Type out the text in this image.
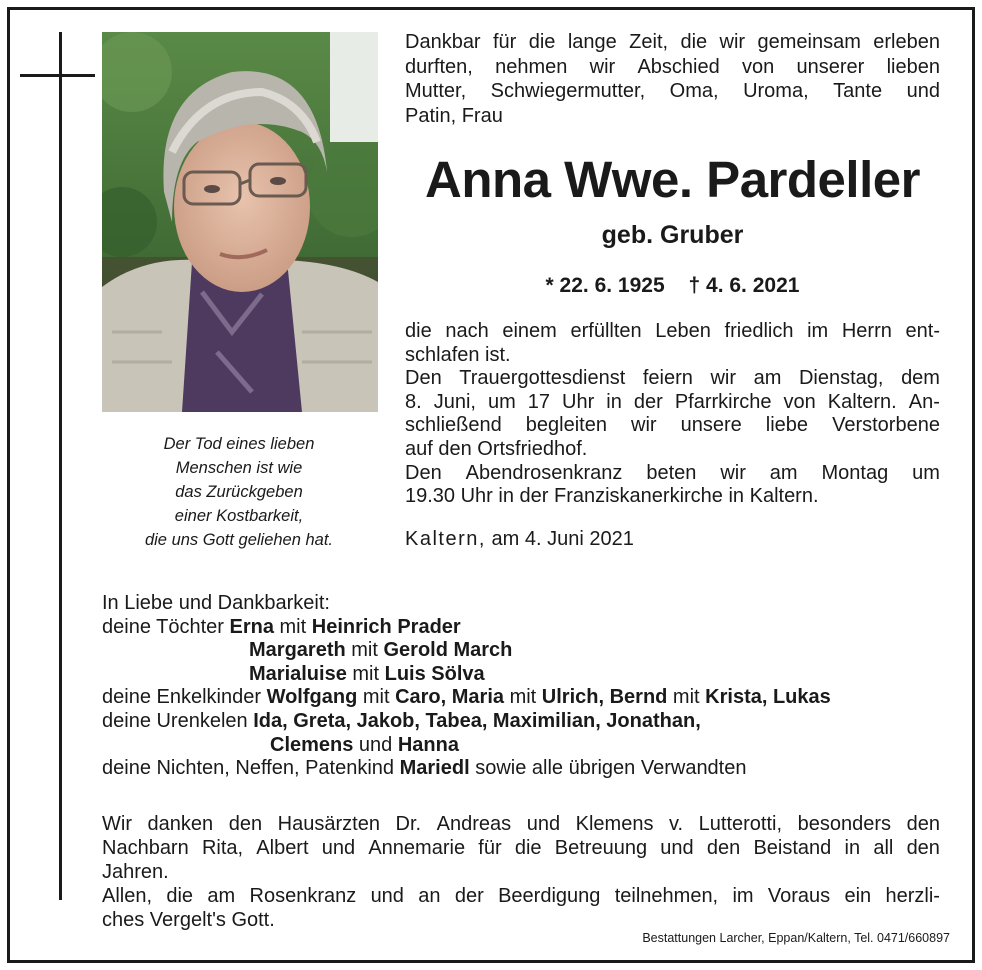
Der Tod eines lieben
Menschen ist wie
das Zurückgeben
einer Kostbarkeit,
die uns Gott geliehen hat.
Dankbar für die lange Zeit, die wir gemeinsam erleben
durften, nehmen wir Abschied von unserer lieben
Mutter, Schwiegermutter, Oma, Uroma, Tante und
Patin, Frau
Anna Wwe. Pardeller
geb. Gruber
* 22. 6. 1925 † 4. 6. 2021
die nach einem erfüllten Leben friedlich im Herrn ent-
schlafen ist.
Den Trauergottesdienst feiern wir am Dienstag, dem
8. Juni, um 17 Uhr in der Pfarrkirche von Kaltern. An-
schließend begleiten wir unsere liebe Verstorbene
auf den Ortsfriedhof.
Den Abendrosenkranz beten wir am Montag um
19.30 Uhr in der Franziskanerkirche in Kaltern.
Kaltern, am 4. Juni 2021
In Liebe und Dankbarkeit:
deine Töchter Erna mit Heinrich Prader
Margareth mit Gerold March
Marialuise mit Luis Sölva
deine Enkelkinder Wolfgang mit Caro, Maria mit Ulrich, Bernd mit Krista, Lukas
deine Urenkelen Ida, Greta, Jakob, Tabea, Maximilian, Jonathan,
Clemens und Hanna
deine Nichten, Neffen, Patenkind Mariedl sowie alle übrigen Verwandten
Wir danken den Hausärzten Dr. Andreas und Klemens v. Lutterotti, besonders den
Nachbarn Rita, Albert und Annemarie für die Betreuung und den Beistand in all den
Jahren.
Allen, die am Rosenkranz und an der Beerdigung teilnehmen, im Voraus ein herzli-
ches Vergelt's Gott.
Bestattungen Larcher, Eppan/Kaltern, Tel. 0471/660897
